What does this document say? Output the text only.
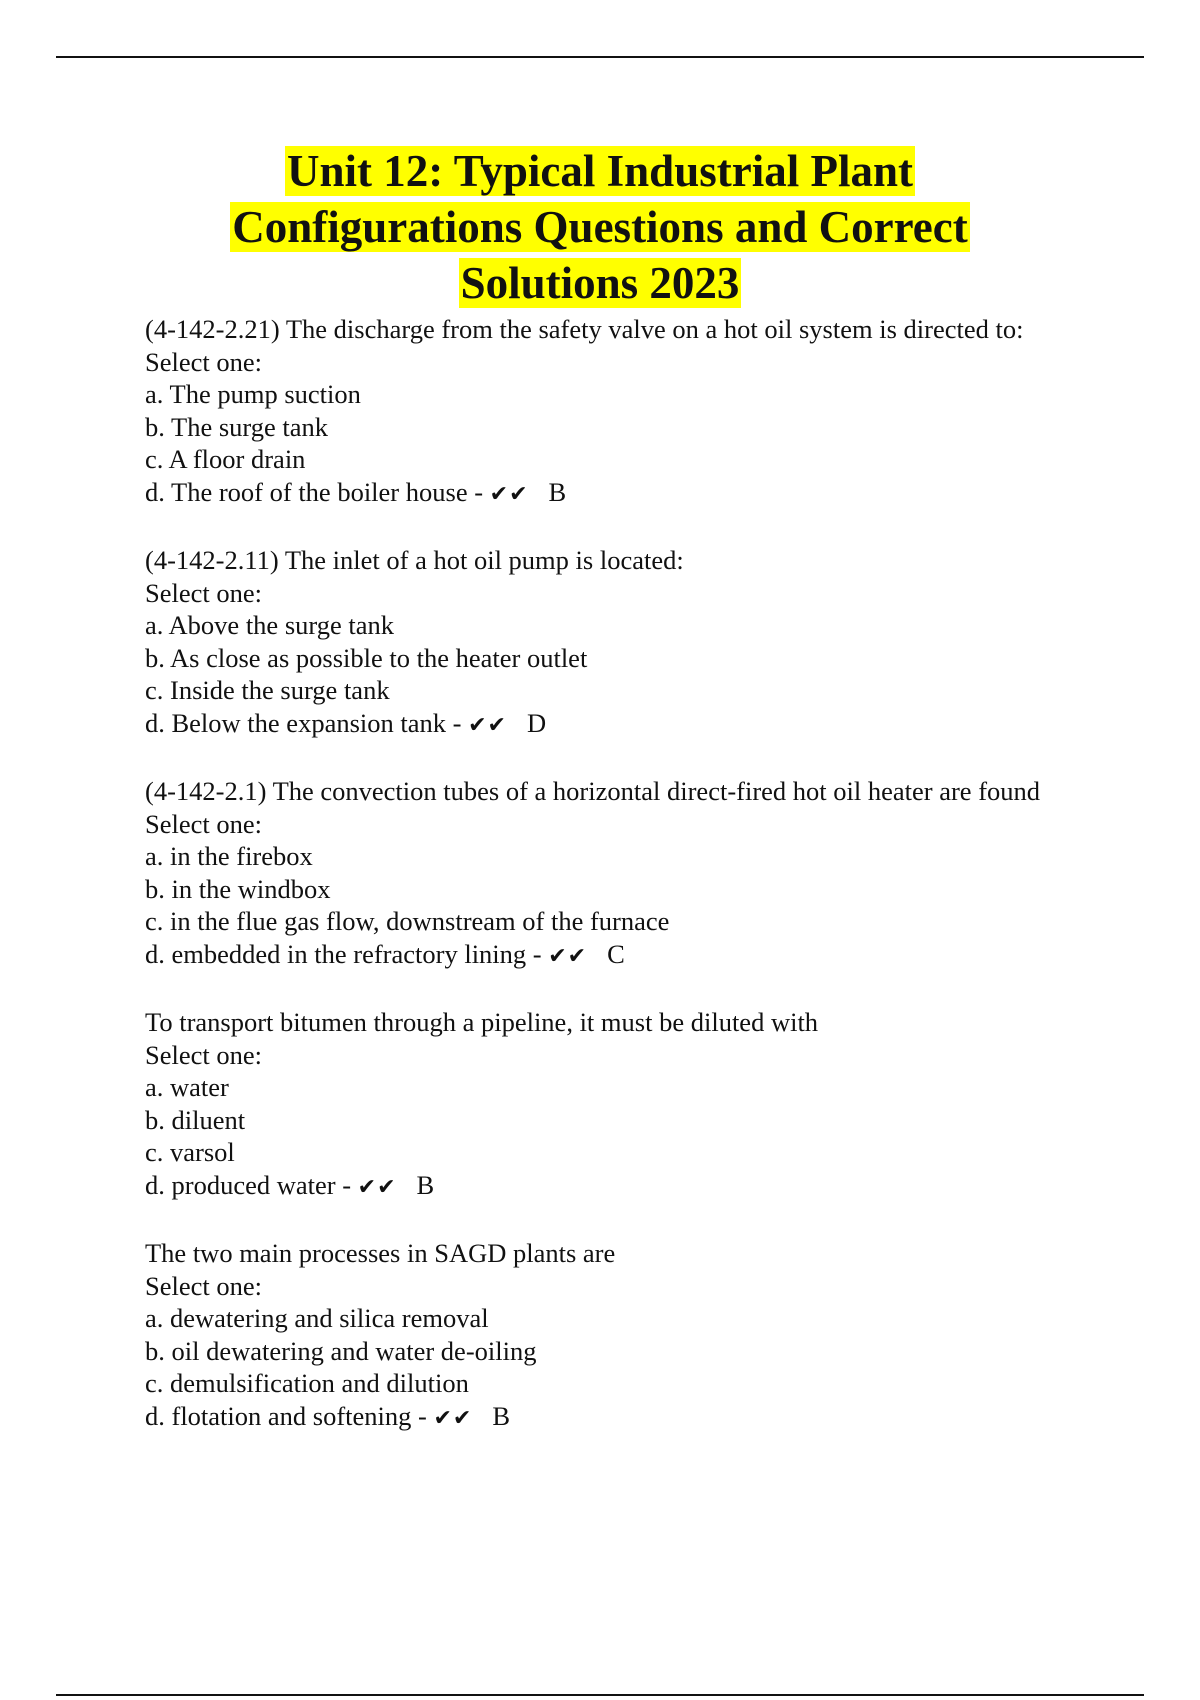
Unit 12: Typical Industrial Plant
Configurations Questions and Correct
Solutions 2023
(4-142-2.21) The discharge from the safety valve on a hot oil system is directed to:
Select one:
a. The pump suction
b. The surge tank
c. A floor drain
d. The roof of the boiler house - ✔✔ B
(4-142-2.11) The inlet of a hot oil pump is located:
Select one:
a. Above the surge tank
b. As close as possible to the heater outlet
c. Inside the surge tank
d. Below the expansion tank - ✔✔ D
(4-142-2.1) The convection tubes of a horizontal direct-fired hot oil heater are found
Select one:
a. in the firebox
b. in the windbox
c. in the flue gas flow, downstream of the furnace
d. embedded in the refractory lining - ✔✔ C
To transport bitumen through a pipeline, it must be diluted with
Select one:
a. water
b. diluent
c. varsol
d. produced water - ✔✔ B
The two main processes in SAGD plants are
Select one:
a. dewatering and silica removal
b. oil dewatering and water de-oiling
c. demulsification and dilution
d. flotation and softening - ✔✔ B
